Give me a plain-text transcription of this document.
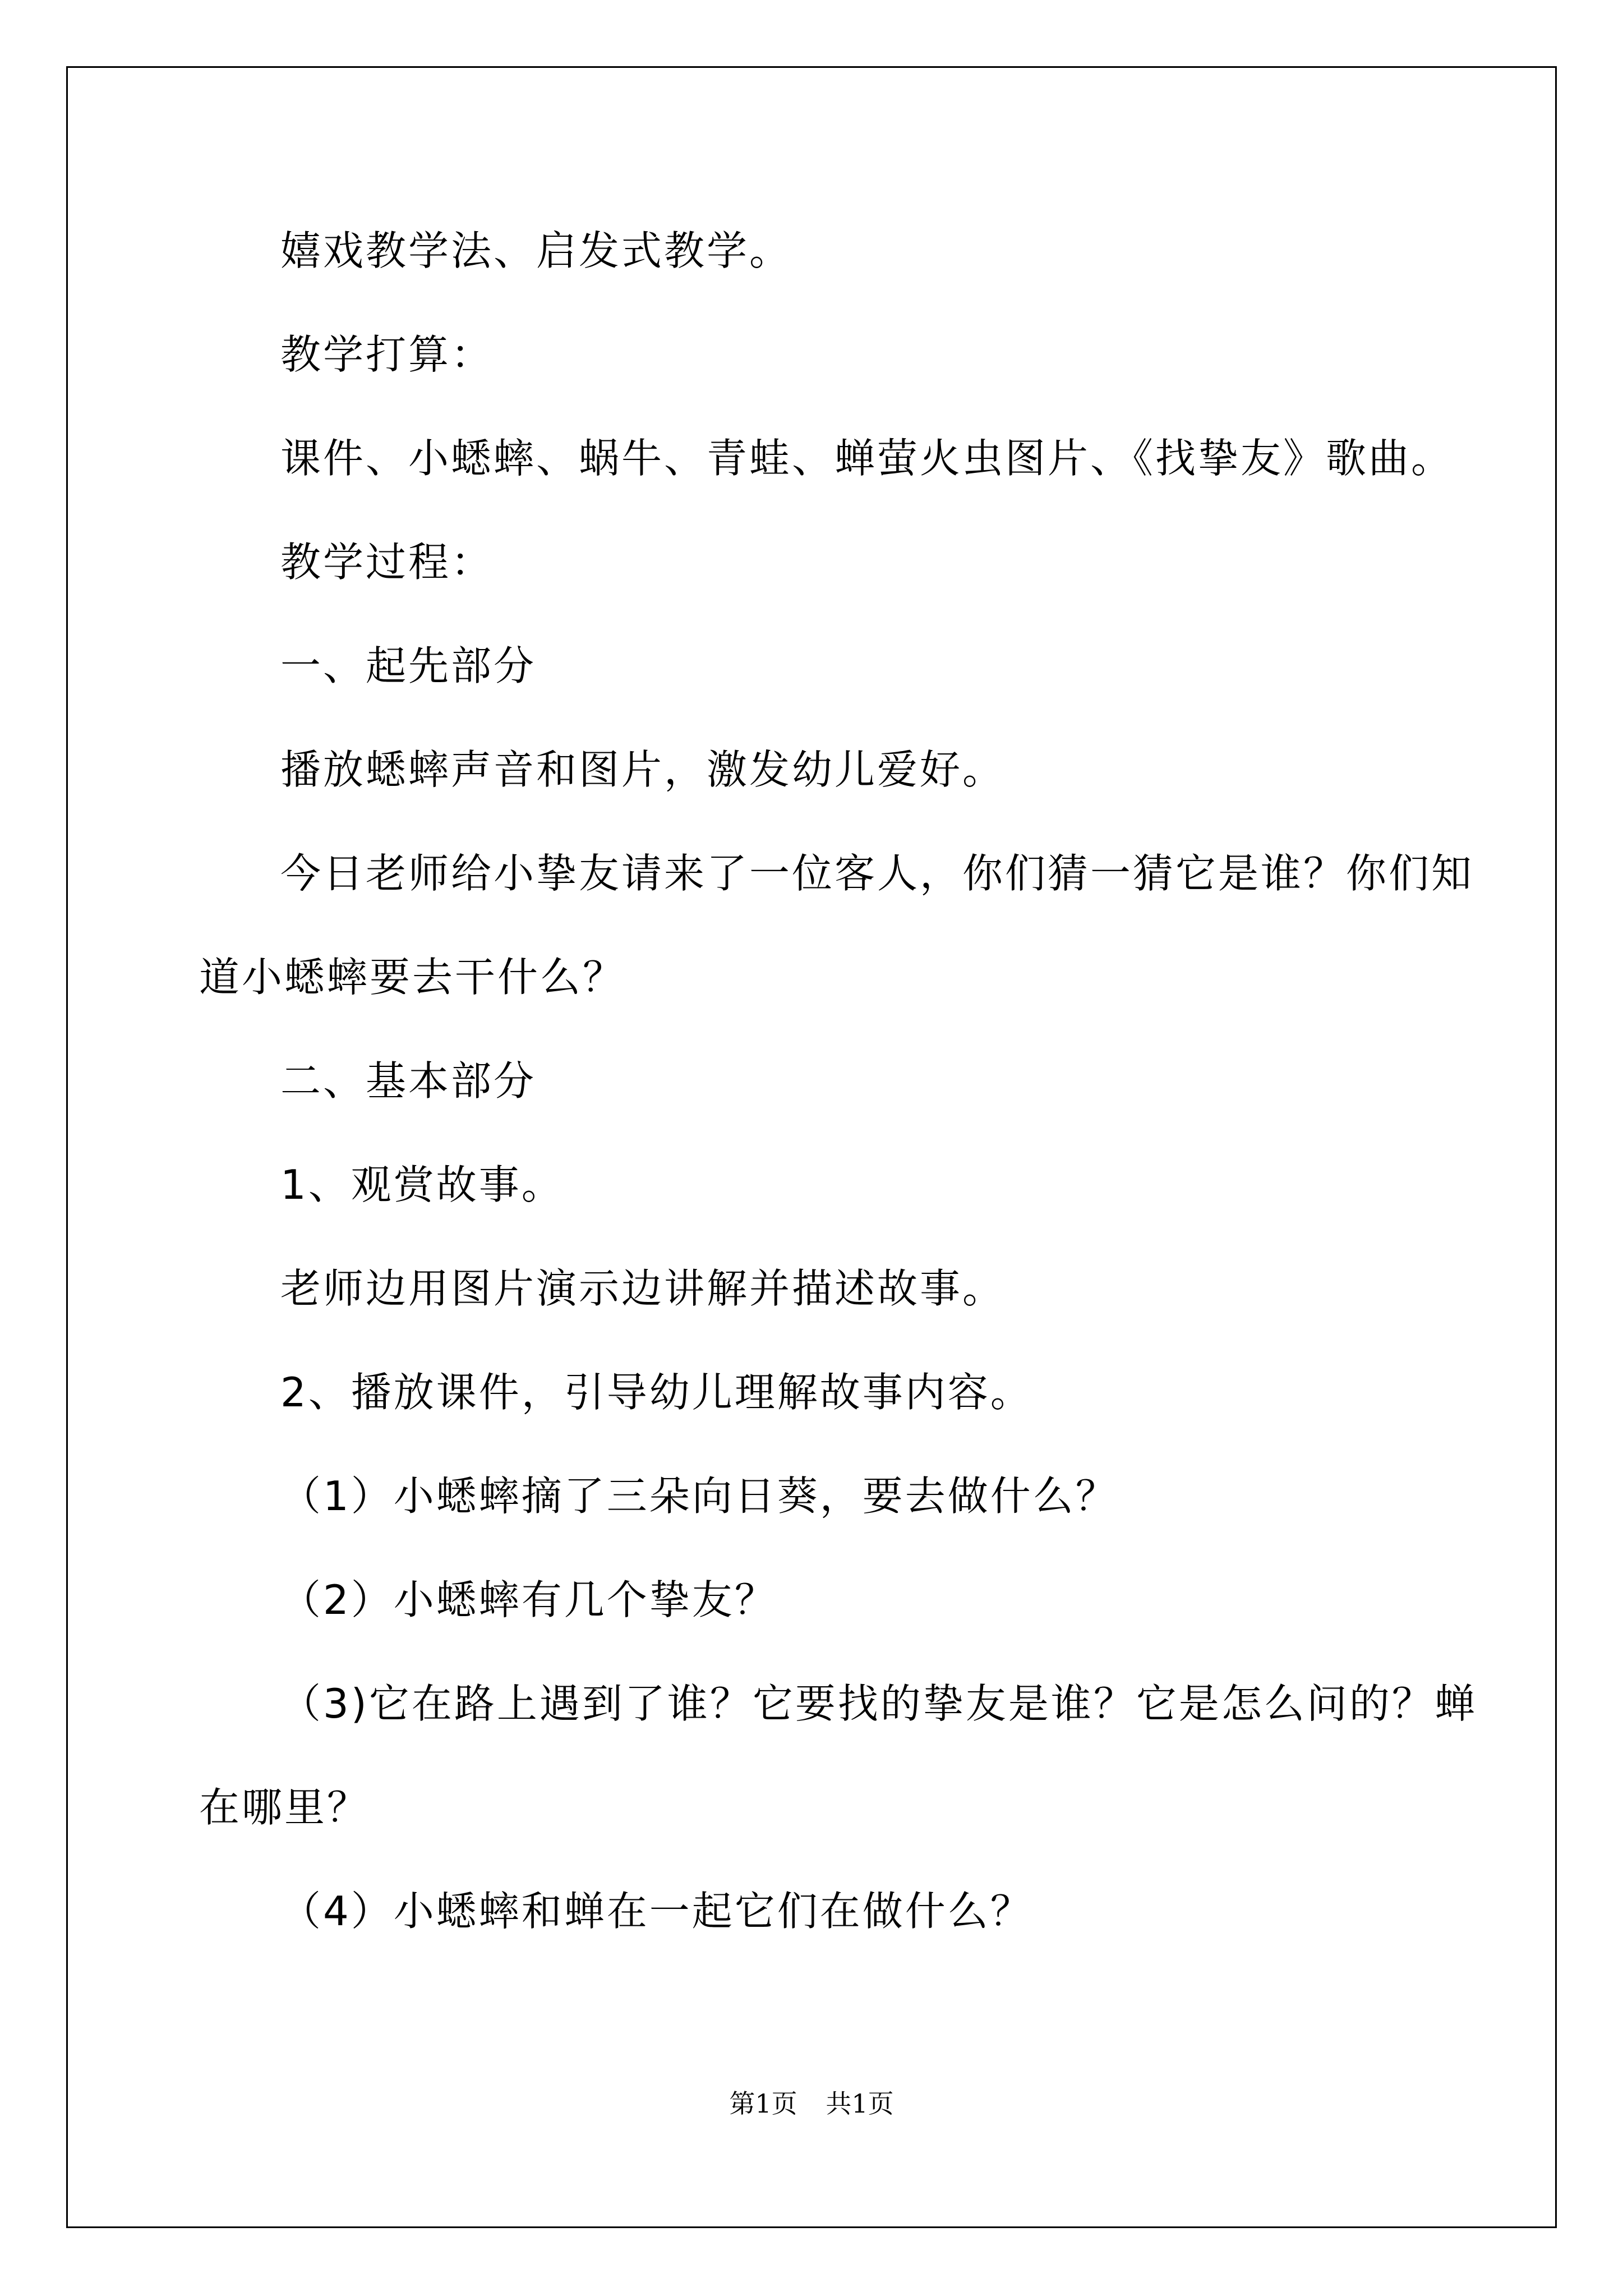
嬉戏教学法、启发式教学。
教学打算：
课件、小蟋蟀、蜗牛、青蛙、蝉萤火虫图片、《找挚友》歌曲。
教学过程：
一、起先部分
播放蟋蟀声音和图片，激发幼儿爱好。
今日老师给小挚友请来了一位客人，你们猜一猜它是谁？你们知
道小蟋蟀要去干什么？
二、基本部分
1、观赏故事。
老师边用图片演示边讲解并描述故事。
2、播放课件，引导幼儿理解故事内容。
（1）小蟋蟀摘了三朵向日葵，要去做什么？
（2）小蟋蟀有几个挚友？
（3)它在路上遇到了谁？它要找的挚友是谁？它是怎么问的？蝉
在哪里？
（4）小蟋蟀和蝉在一起它们在做什么？
第1页 共1页
